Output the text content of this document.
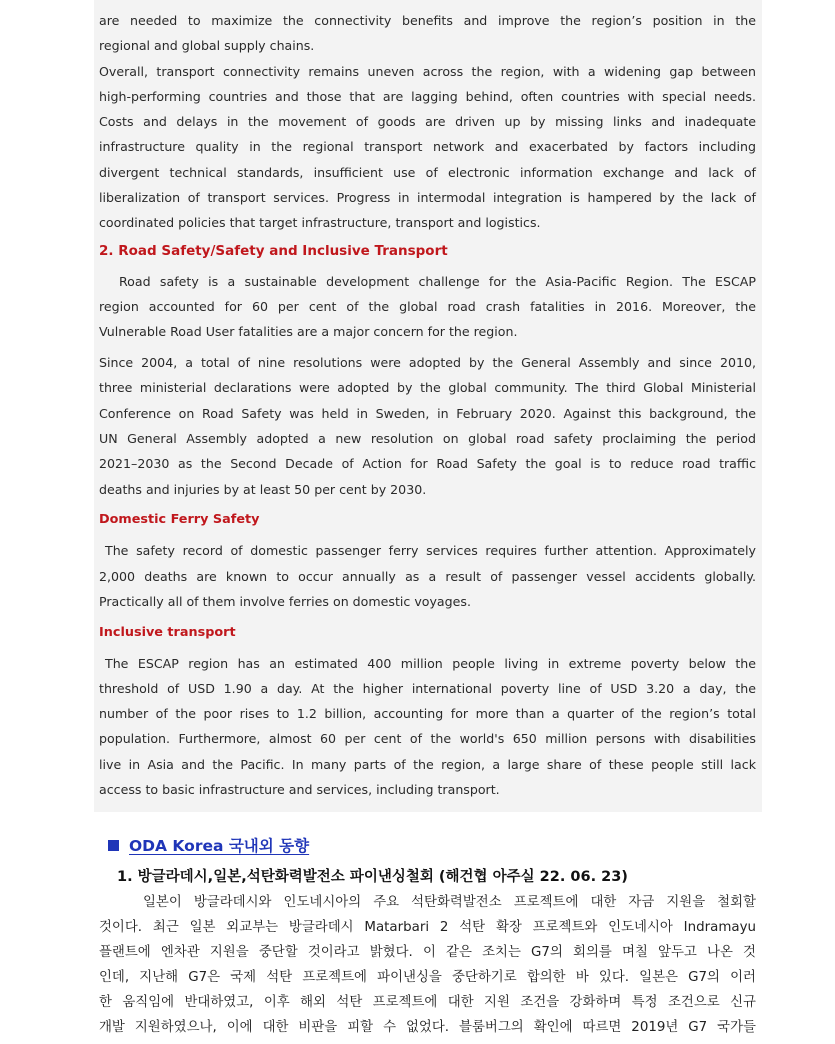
are needed to maximize the connectivity benefits and improve the region’s position in the

regional and global supply chains.

Overall, transport connectivity remains uneven across the region, with a widening gap between

high-performing countries and those that are lagging behind, often countries with special needs.

Costs and delays in the movement of goods are driven up by missing links and inadequate

infrastructure quality in the regional transport network and exacerbated by factors including

divergent technical standards, insufficient use of electronic information exchange and lack of

liberalization of transport services. Progress in intermodal integration is hampered by the lack of

coordinated policies that target infrastructure, transport and logistics.

2. Road Safety/Safety and Inclusive Transport

Road safety is a sustainable development challenge for the Asia-Pacific Region. The ESCAP

region accounted for 60 per cent of the global road crash fatalities in 2016. Moreover, the

Vulnerable Road User fatalities are a major concern for the region.

Since 2004, a total of nine resolutions were adopted by the General Assembly and since 2010,

three ministerial declarations were adopted by the global community. The third Global Ministerial

Conference on Road Safety was held in Sweden, in February 2020. Against this background, the

UN General Assembly adopted a new resolution on global road safety proclaiming the period

2021–2030 as the Second Decade of Action for Road Safety the goal is to reduce road traffic

deaths and injuries by at least 50 per cent by 2030.

Domestic Ferry Safety

The safety record of domestic passenger ferry services requires further attention. Approximately

2,000 deaths are known to occur annually as a result of passenger vessel accidents globally.

Practically all of them involve ferries on domestic voyages.

Inclusive transport

The ESCAP region has an estimated 400 million people living in extreme poverty below the

threshold of USD 1.90 a day. At the higher international poverty line of USD 3.20 a day, the

number of the poor rises to 1.2 billion, accounting for more than a quarter of the region’s total

population. Furthermore, almost 60 per cent of the world's 650 million persons with disabilities

live in Asia and the Pacific. In many parts of the region, a large share of these people still lack

access to basic infrastructure and services, including transport.

ODA Korea 국내외 동향

1. 방글라데시,일본,석탄화력발전소 파이낸싱철회 (해건협 아주실 22. 06. 23)

일본이 방글라데시와 인도네시아의 주요 석탄화력발전소 프로젝트에 대한 자금 지원을 철회할

것이다. 최근 일본 외교부는 방글라데시 Matarbari 2 석탄 확장 프로젝트와 인도네시아 Indramayu

플랜트에 엔차관 지원을 중단할 것이라고 밝혔다. 이 같은 조치는 G7의 회의를 며칠 앞두고 나온 것

인데, 지난해 G7은 국제 석탄 프로젝트에 파이낸싱을 중단하기로 합의한 바 있다. 일본은 G7의 이러

한 움직임에 반대하였고, 이후 해외 석탄 프로젝트에 대한 지원 조건을 강화하며 특정 조건으로 신규

개발 지원하였으나, 이에 대한 비판을 피할 수 없었다. 블룸버그의 확인에 따르면 2019년 G7 국가들
